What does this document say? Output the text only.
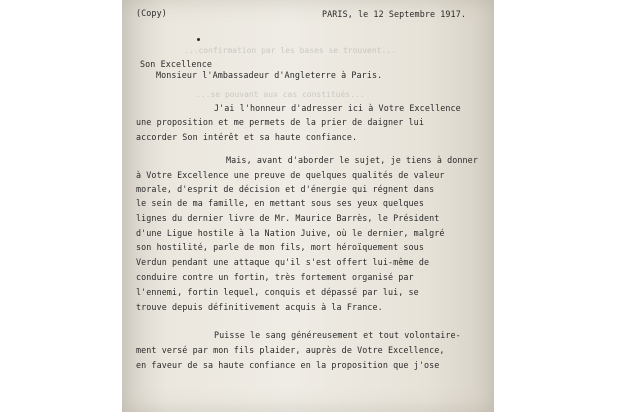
...confirmation par les bases se trouvent...
...se pouvant aux cas constitués...
(Copy)	PARIS, le 12 Septembre 1917.
Son Excellence
Monsieur l'Ambassadeur d'Angleterre à Paris.
J'ai l'honneur d'adresser ici à Votre Excellence
une proposition et me permets de la prier de daigner lui
accorder Son intérêt et sa haute confiance.
Mais, avant d'aborder le sujet, je tiens à donner
à Votre Excellence une preuve de quelques qualités de valeur
morale, d'esprit de décision et d'énergie qui régnent dans
le sein de ma famille, en mettant sous ses yeux quelques
lignes du dernier livre de Mr. Maurice Barrès, le Président
d'une Ligue hostile à la Nation Juive, où le dernier, malgré
son hostilité, parle de mon fils, mort héroïquement sous
Verdun pendant une attaque qu'il s'est offert lui-même de
conduire contre un fortin, très fortement organisé par
l'ennemi, fortin lequel, conquis et dépassé par lui, se
trouve depuis définitivement acquis à la France.
Puisse le sang généreusement et tout volontaire-
ment versé par mon fils plaider, auprès de Votre Excellence,
en faveur de sa haute confiance en la proposition que j'ose
